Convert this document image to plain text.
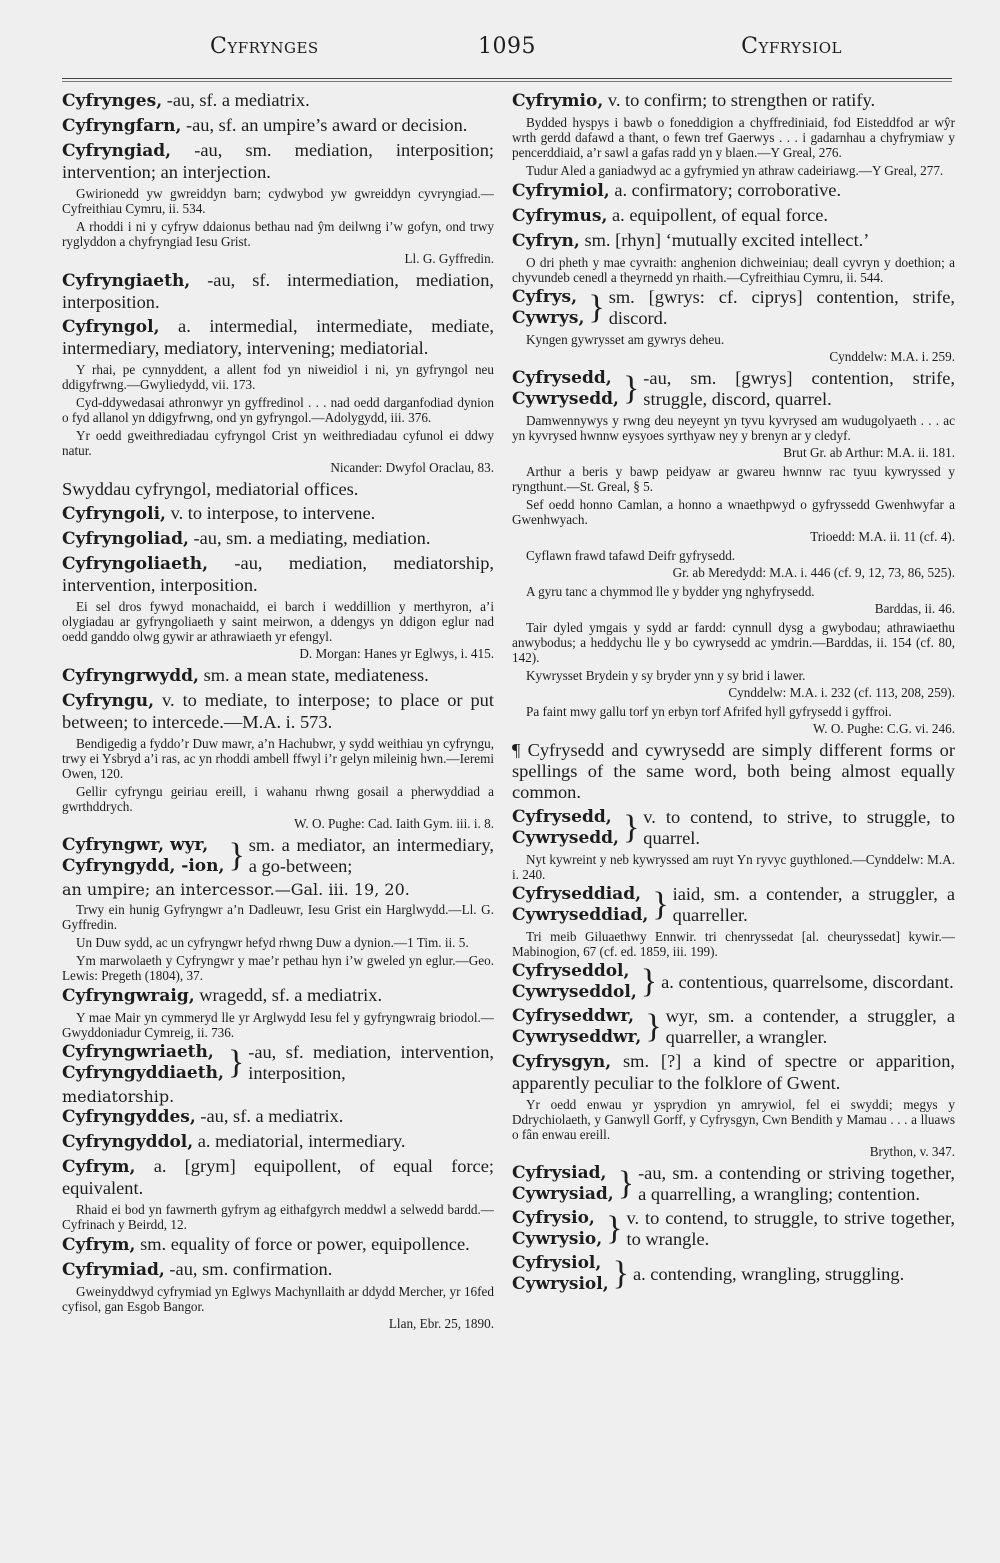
Cyfrynges	1095	Cyfrysiol
Cyfrynges, -au, sf. a mediatrix.
Cyfryngfarn, -au, sf. an umpire’s award or decision.
Cyfryngiad, -au, sm. mediation, interposition; intervention; an interjection.
Gwirionedd yw gwreiddyn barn; cydwybod yw gwreiddyn cyvryngiad.—Cyfreithiau Cymru, ii. 534.
A rhoddi i ni y cyfryw ddaionus bethau nad ŷm deilwng i’w gofyn, ond trwy ryglyddon a chyfryngiad Iesu Grist.
Ll. G. Gyffredin.
Cyfryngiaeth, -au, sf. intermediation, mediation, interposition.
Cyfryngol, a. intermedial, intermediate, mediate, intermediary, mediatory, intervening; mediatorial.
Y rhai, pe cynnyddent, a allent fod yn niweidiol i ni, yn gyfryngol neu ddigyfrwng.—Gwyliedydd, vii. 173.
Cyd-ddywedasai athronwyr yn gyffredinol . . . nad oedd darganfodiad dynion o fyd allanol yn ddigyfrwng, ond yn gyfryngol.—Adolygydd, iii. 376.
Yr oedd gweithrediadau cyfryngol Crist yn weithrediadau cyfunol ei ddwy natur.
Nicander: Dwyfol Oraclau, 83.
Swyddau cyfryngol, mediatorial offices.
Cyfryngoli, v. to interpose, to intervene.
Cyfryngoliad, -au, sm. a mediating, mediation.
Cyfryngoliaeth, -au, mediation, mediatorship, intervention, interposition.
Ei sel dros fywyd monachaidd, ei barch i weddillion y merthyron, a’i olygiadau ar gyfryngoliaeth y saint meirwon, a ddengys yn ddigon eglur nad oedd ganddo olwg gywir ar athrawiaeth yr efengyl.
D. Morgan: Hanes yr Eglwys, i. 415.
Cyfryngrwydd, sm. a mean state, mediateness.
Cyfryngu, v. to mediate, to interpose; to place or put between; to intercede.—M.A. i. 573.
Bendigedig a fyddo’r Duw mawr, a’n Hachubwr, y sydd weithiau yn cyfryngu, trwy ei Ysbryd a’i ras, ac yn rhoddi ambell ffwyl i’r gelyn mileinig hwn.—Ieremi Owen, 120.
Gellir cyfryngu geiriau ereill, i wahanu rhwng gosail a pherwyddiad a gwrthddrych.
W. O. Pughe: Cad. Iaith Gym. iii. i. 8.
Cyfryngwr, wyr,
Cyfryngydd, -ion, } sm. a mediator, an intermediary, a go-between;
an umpire; an intercessor.—Gal. iii. 19, 20.
Trwy ein hunig Gyfryngwr a’n Dadleuwr, Iesu Grist ein Harglwydd.—Ll. G. Gyffredin.
Un Duw sydd, ac un cyfryngwr hefyd rhwng Duw a dynion.—1 Tim. ii. 5.
Ym marwolaeth y Cyfryngwr y mae’r pethau hyn i’w gweled yn eglur.—Geo. Lewis: Pregeth (1804), 37.
Cyfryngwraig, wragedd, sf. a mediatrix.
Y mae Mair yn cymmeryd lle yr Arglwydd Iesu fel y gyfryngwraig briodol.—Gwyddoniadur Cymreig, ii. 736.
Cyfryngwriaeth,
Cyfryngyddiaeth, } -au, sf. mediation, intervention, interposition,
mediatorship.
Cyfryngyddes, -au, sf. a mediatrix.
Cyfryngyddol, a. mediatorial, intermediary.
Cyfrym, a. [grym] equipollent, of equal force; equivalent.
Rhaid ei bod yn fawrnerth gyfrym ag eithafgyrch meddwl a selwedd bardd.—Cyfrinach y Beirdd, 12.
Cyfrym, sm. equality of force or power, equipollence.
Cyfrymiad, -au, sm. confirmation.
Gweinyddwyd cyfrymiad yn Eglwys Machynllaith ar ddydd Mercher, yr 16fed cyfisol, gan Esgob Bangor.
Llan, Ebr. 25, 1890.
Cyfrymio, v. to confirm; to strengthen or ratify.
Bydded hyspys i bawb o foneddigion a chyffrediniaid, fod Eisteddfod ar wŷr wrth gerdd dafawd a thant, o fewn tref Gaerwys . . . i gadarnhau a chyfrymiaw y pencerddiaid, a’r sawl a gafas radd yn y blaen.—Y Greal, 276.
Tudur Aled a ganiadwyd ac a gyfrymied yn athraw cadeiriawg.—Y Greal, 277.
Cyfrymiol, a. confirmatory; corroborative.
Cyfrymus, a. equipollent, of equal force.
Cyfryn, sm. [rhyn] ‘mutually excited intellect.’
O dri pheth y mae cyvraith: anghenion dichweiniau; deall cyvryn y doethion; a chyvundeb cenedl a theyrnedd yn rhaith.—Cyfreithiau Cymru, ii. 544.
Cyfrys,
Cywrys, } sm. [gwrys: cf. ciprys] contention, strife, discord.
Kyngen gywrysset am gywrys deheu.
Cynddelw: M.A. i. 259.
Cyfrysedd,
Cywrysedd, } -au, sm. [gwrys] contention, strife, struggle, discord, quarrel.
Damwennywys y rwng deu neyeynt yn tyvu kyvrysed am wudugolyaeth . . . ac yn kyvrysed hwnnw eysyoes syrthyaw ney y brenyn ar y cledyf.
Brut Gr. ab Arthur: M.A. ii. 181.
Arthur a beris y bawp peidyaw ar gwareu hwnnw rac tyuu kywryssed y ryngthunt.—St. Greal, § 5.
Sef oedd honno Camlan, a honno a wnaethpwyd o gyfryssedd Gwenhwyfar a Gwenhwyach.
Trioedd: M.A. ii. 11 (cf. 4).
Cyflawn frawd tafawd Deifr gyfrysedd.
Gr. ab Meredydd: M.A. i. 446 (cf. 9, 12, 73, 86, 525).
A gyru tanc a chymmod lle y bydder yng nghyfrysedd.
Barddas, ii. 46.
Tair dyled ymgais y sydd ar fardd: cynnull dysg a gwybodau; athrawiaethu anwybodus; a heddychu lle y bo cywrysedd ac ymdrin.—Barddas, ii. 154 (cf. 80, 142).
Kywrysset Brydein y sy bryder ynn y sy brid i lawer.
Cynddelw: M.A. i. 232 (cf. 113, 208, 259).
Pa faint mwy gallu torf yn erbyn torf Afrifed hyll gyfrysedd i gyffroi.
W. O. Pughe: C.G. vi. 246.
¶ Cyfrysedd and cywrysedd are simply different forms or spellings of the same word, both being almost equally common.
Cyfrysedd,
Cywrysedd, } v. to contend, to strive, to struggle, to quarrel.
Nyt kywreint y neb kywryssed am ruyt Yn ryvyc guythloned.—Cynddelw: M.A. i. 240.
Cyfryseddiad,
Cywryseddiad, } iaid, sm. a contender, a struggler, a quarreller.
Tri meib Giluaethwy Ennwir. tri chenryssedat [al. cheuryssedat] kywir.—Mabinogion, 67 (cf. ed. 1859, iii. 199).
Cyfryseddol,
Cywryseddol, } a. contentious, quarrelsome, discordant.
Cyfryseddwr,
Cywryseddwr, } wyr, sm. a contender, a struggler, a quarreller, a wrangler.
Cyfrysgyn, sm. [?] a kind of spectre or apparition, apparently peculiar to the folklore of Gwent.
Yr oedd enwau yr ysprydion yn amrywiol, fel ei swyddi; megys y Ddrychiolaeth, y Ganwyll Gorff, y Cyfrysgyn, Cwn Bendith y Mamau . . . a lluaws o fân enwau ereill.
Brython, v. 347.
Cyfrysiad,
Cywrysiad, } -au, sm. a contending or striving together, a quarrelling, a wrangling; contention.
Cyfrysio,
Cywrysio, } v. to contend, to struggle, to strive together, to wrangle.
Cyfrysiol,
Cywrysiol, } a. contending, wrangling, struggling.
